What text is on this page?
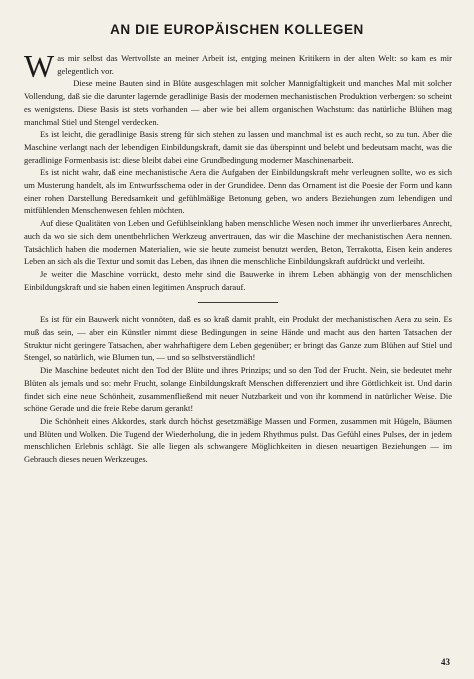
AN DIE EUROPÄISCHEN KOLLEGEN

Was mir selbst das Wertvollste an meiner Arbeit ist, entging meinen Kritikern in der alten Welt: so kam es mir gelegentlich vor.

Diese meine Bauten sind in Blüte ausgeschlagen mit solcher Mannigfaltigkeit und manches Mal mit solcher Vollendung, daß sie die darunter lagernde geradlinige Basis der modernen mechanistischen Produktion verbergen: so scheint es wenigstens. Diese Basis ist stets vorhanden — aber wie bei allem organischen Wachstum: das natürliche Blühen mag manchmal Stiel und Stengel verdecken.

Es ist leicht, die geradlinige Basis streng für sich stehen zu lassen und manchmal ist es auch recht, so zu tun. Aber die Maschine verlangt nach der lebendigen Einbildungskraft, damit sie das überspinnt und belebt und bedeutsam macht, was die geradlinige Formenbasis ist: diese bleibt dabei eine Grundbedingung moderner Maschinenarbeit.

Es ist nicht wahr, daß eine mechanistische Aera die Aufgaben der Einbildungskraft mehr verleugnen sollte, wo es sich um Musterung handelt, als im Entwurfsschema oder in der Grundidee. Denn das Ornament ist die Poesie der Form und kann einer rohen Darstellung Beredsamkeit und gefühlmäßige Betonung geben, wo anders Beziehungen zum lebendigen und mitfühlenden Menschenwesen fehlen möchten.

Auf diese Qualitäten von Leben und Gefühlseinklang haben menschliche Wesen noch immer ihr unverlierbares Anrecht, auch da wo sie sich dem unentbehrlichen Werkzeug anvertrauen, das wir die Maschine der mechanistischen Aera nennen. Tatsächlich haben die modernen Materialien, wie sie heute zumeist benutzt werden, Beton, Terrakotta, Eisen kein anderes Leben an sich als die Textur und somit das Leben, das ihnen die menschliche Einbildungskraft aufdrückt und verleiht.

Je weiter die Maschine vorrückt, desto mehr sind die Bauwerke in ihrem Leben abhängig von der menschlichen Einbildungskraft und sie haben einen legitimen Anspruch darauf.

Es ist für ein Bauwerk nicht vonnöten, daß es so kraß damit prahlt, ein Produkt der mechanistischen Aera zu sein. Es muß das sein, — aber ein Künstler nimmt diese Bedingungen in seine Hände und macht aus den harten Tatsachen der Struktur nicht geringere Tatsachen, aber wahrhaftigere dem Leben gegenüber; er bringt das Ganze zum Blühen auf Stiel und Stengel, so natürlich, wie Blumen tun, — und so selbstverständlich!

Die Maschine bedeutet nicht den Tod der Blüte und ihres Prinzips; und so den Tod der Frucht. Nein, sie bedeutet mehr Blüten als jemals und so: mehr Frucht, solange Einbildungskraft Menschen differenziert und ihre Göttlichkeit ist. Und darin findet sich eine neue Schönheit, zusammenfließend mit neuer Nutzbarkeit und von ihr kommend in natürlicher Weise. Die schöne Gerade und die freie Rebe darum gerankt!

Die Schönheit eines Akkordes, stark durch höchst gesetzmäßige Massen und Formen, zusammen mit Hügeln, Bäumen und Blüten und Wolken. Die Tugend der Wiederholung, die in jedem Rhythmus pulst. Das Gefühl eines Pulses, der in jedem menschlichen Erlebnis schlägt. Sie alle liegen als schwangere Möglichkeiten in diesen neuartigen Beziehungen — im Gebrauch dieses neuen Werkzeuges.

43
